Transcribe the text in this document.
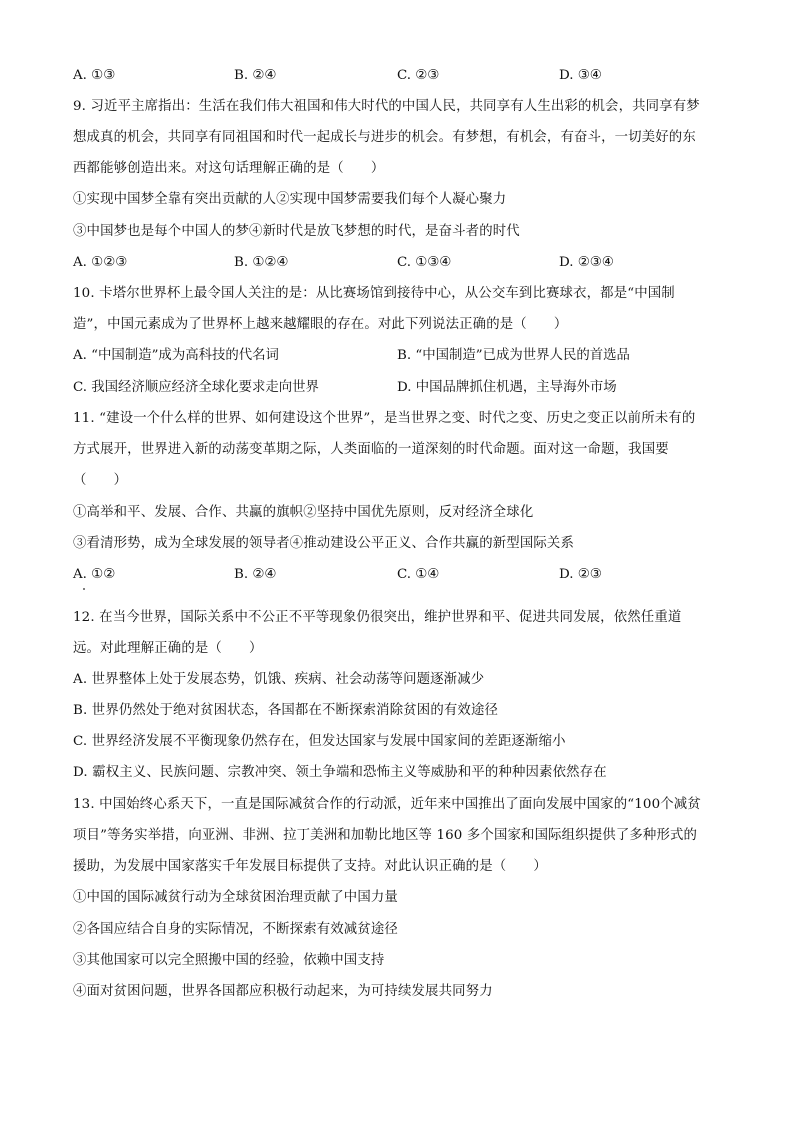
A. ①③	B. ②④	C. ②③	D. ③④
9. 习近平主席指出：生活在我们伟大祖国和伟大时代的中国人民，共同享有人生出彩的机会，共同享有梦
想成真的机会，共同享有同祖国和时代一起成长与进步的机会。有梦想，有机会，有奋斗，一切美好的东
西都能够创造出来。对这句话理解正确的是（　　）
①实现中国梦全靠有突出贡献的人②实现中国梦需要我们每个人凝心聚力
③中国梦也是每个中国人的梦④新时代是放飞梦想的时代，是奋斗者的时代
A. ①②③	B. ①②④	C. ①③④	D. ②③④
10. 卡塔尔世界杯上最令国人关注的是：从比赛场馆到接待中心，从公交车到比赛球衣，都是“中国制
造”，中国元素成为了世界杯上越来越耀眼的存在。对此下列说法正确的是（　　）
A. “中国制造”成为高科技的代名词	B. “中国制造”已成为世界人民的首选品
C. 我国经济顺应经济全球化要求走向世界	D. 中国品牌抓住机遇，主导海外市场
11. “建设一个什么样的世界、如何建设这个世界”，是当世界之变、时代之变、历史之变正以前所未有的
方式展开，世界进入新的动荡变革期之际，人类面临的一道深刻的时代命题。面对这一命题，我国要
（　　）
①高举和平、发展、合作、共赢的旗帜②坚持中国优先原则，反对经济全球化
③看清形势，成为全球发展的领导者④推动建设公平正义、合作共赢的新型国际关系
A. ①②	B. ②④	C. ①④	D. ②③
12. 在当今世界，国际关系中不公正不平等现象仍很突出，维护世界和平、促进共同发展，依然任重道
远。对此理解正确的是（　　）
A. 世界整体上处于发展态势，饥饿、疾病、社会动荡等问题逐渐减少
B. 世界仍然处于绝对贫困状态，各国都在不断探索消除贫困的有效途径
C. 世界经济发展不平衡现象仍然存在，但发达国家与发展中国家间的差距逐渐缩小
D. 霸权主义、民族问题、宗教冲突、领土争端和恐怖主义等威胁和平的种种因素依然存在
13. 中国始终心系天下，一直是国际减贫合作的行动派，近年来中国推出了面向发展中国家的“100个减贫
项目”等务实举措，向亚洲、非洲、拉丁美洲和加勒比地区等 160 多个国家和国际组织提供了多种形式的
援助，为发展中国家落实千年发展目标提供了支持。对此认识正确的是（　　）
①中国的国际减贫行动为全球贫困治理贡献了中国力量
②各国应结合自身的实际情况，不断探索有效减贫途径
③其他国家可以完全照搬中国的经验，依赖中国支持
④面对贫困问题，世界各国都应积极行动起来，为可持续发展共同努力
